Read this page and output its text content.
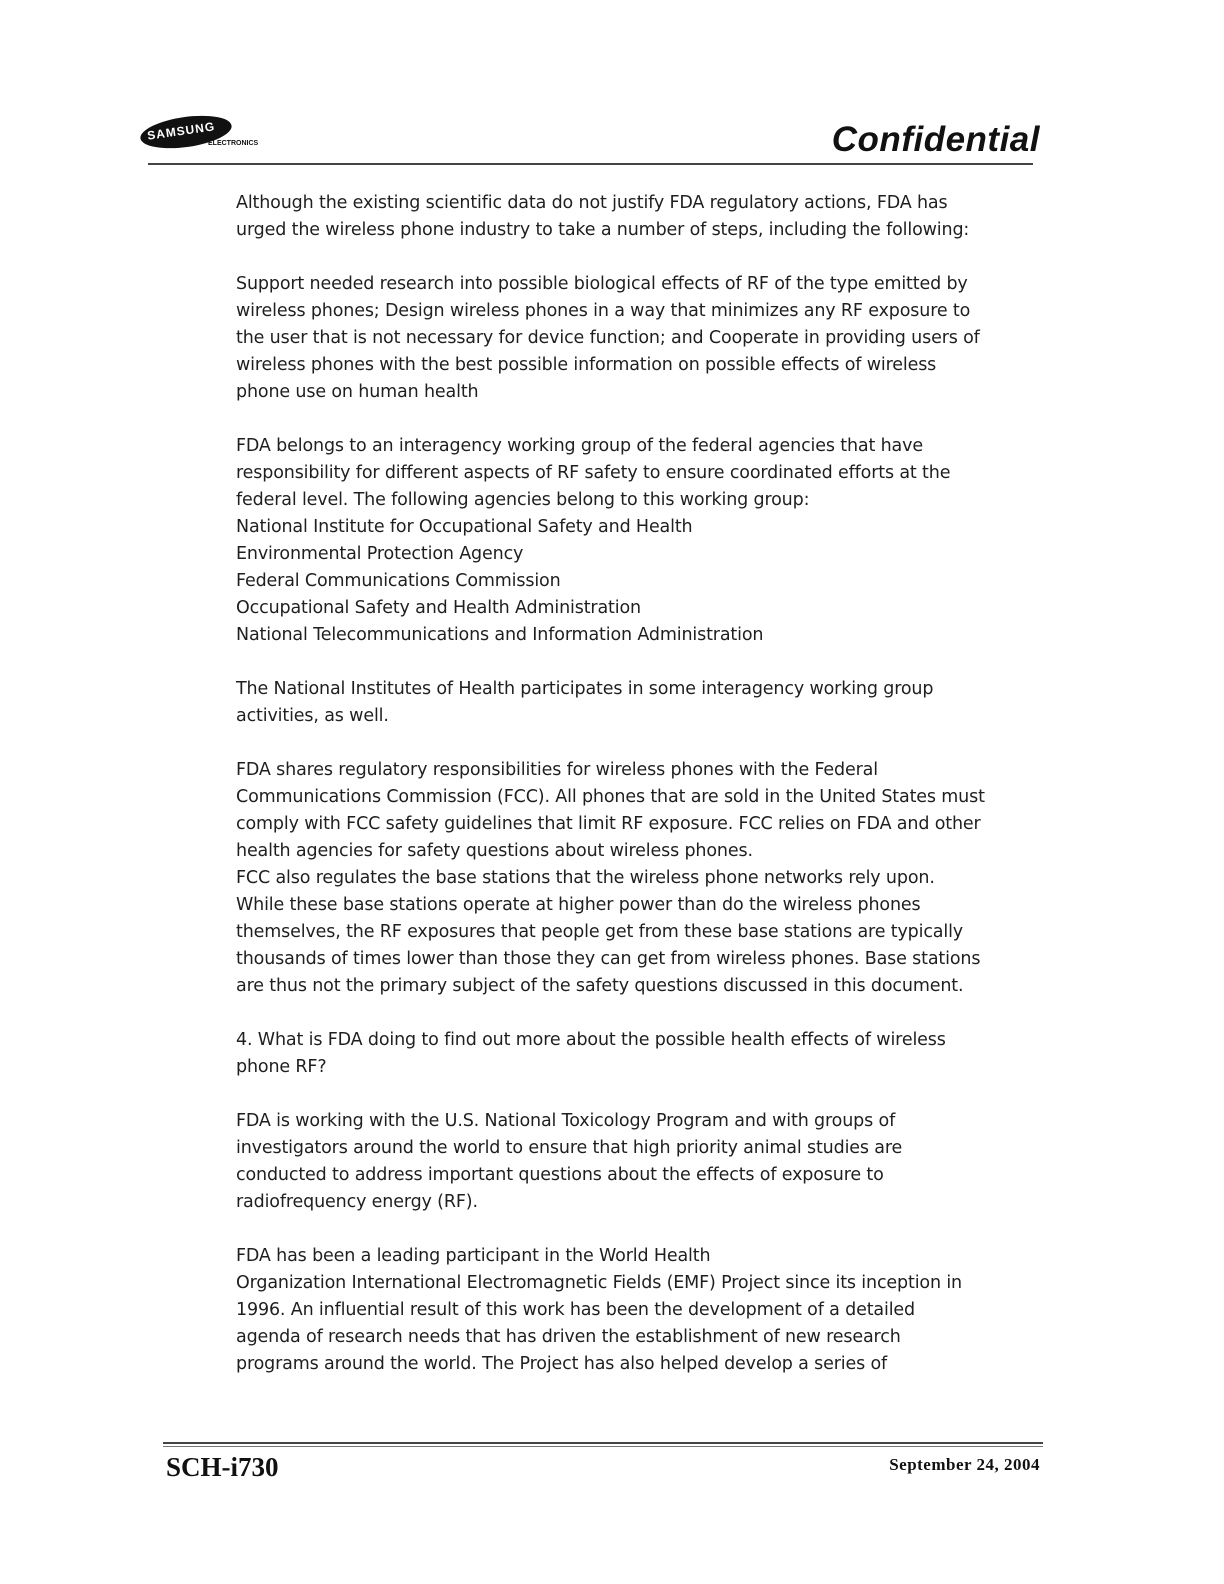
SAMSUNG
ELECTRONICS	Confidential

Although the existing scientific data do not justify FDA regulatory actions, FDA has
urged the wireless phone industry to take a number of steps, including the following:

Support needed research into possible biological effects of RF of the type emitted by
wireless phones; Design wireless phones in a way that minimizes any RF exposure to
the user that is not necessary for device function; and Cooperate in providing users of
wireless phones with the best possible information on possible effects of wireless
phone use on human health

FDA belongs to an interagency working group of the federal agencies that have
responsibility for different aspects of RF safety to ensure coordinated efforts at the
federal level. The following agencies belong to this working group:
National Institute for Occupational Safety and Health
Environmental Protection Agency
Federal Communications Commission
Occupational Safety and Health Administration
National Telecommunications and Information Administration

The National Institutes of Health participates in some interagency working group
activities, as well.

FDA shares regulatory responsibilities for wireless phones with the Federal
Communications Commission (FCC). All phones that are sold in the United States must
comply with FCC safety guidelines that limit RF exposure. FCC relies on FDA and other
health agencies for safety questions about wireless phones.
FCC also regulates the base stations that the wireless phone networks rely upon.
While these base stations operate at higher power than do the wireless phones
themselves, the RF exposures that people get from these base stations are typically
thousands of times lower than those they can get from wireless phones. Base stations
are thus not the primary subject of the safety questions discussed in this document.

4. What is FDA doing to find out more about the possible health effects of wireless
phone RF?

FDA is working with the U.S. National Toxicology Program and with groups of
investigators around the world to ensure that high priority animal studies are
conducted to address important questions about the effects of exposure to
radiofrequency energy (RF).

FDA has been a leading participant in the World Health
Organization International Electromagnetic Fields (EMF) Project since its inception in
1996. An influential result of this work has been the development of a detailed
agenda of research needs that has driven the establishment of new research
programs around the world. The Project has also helped develop a series of

SCH-i730	September 24, 2004
